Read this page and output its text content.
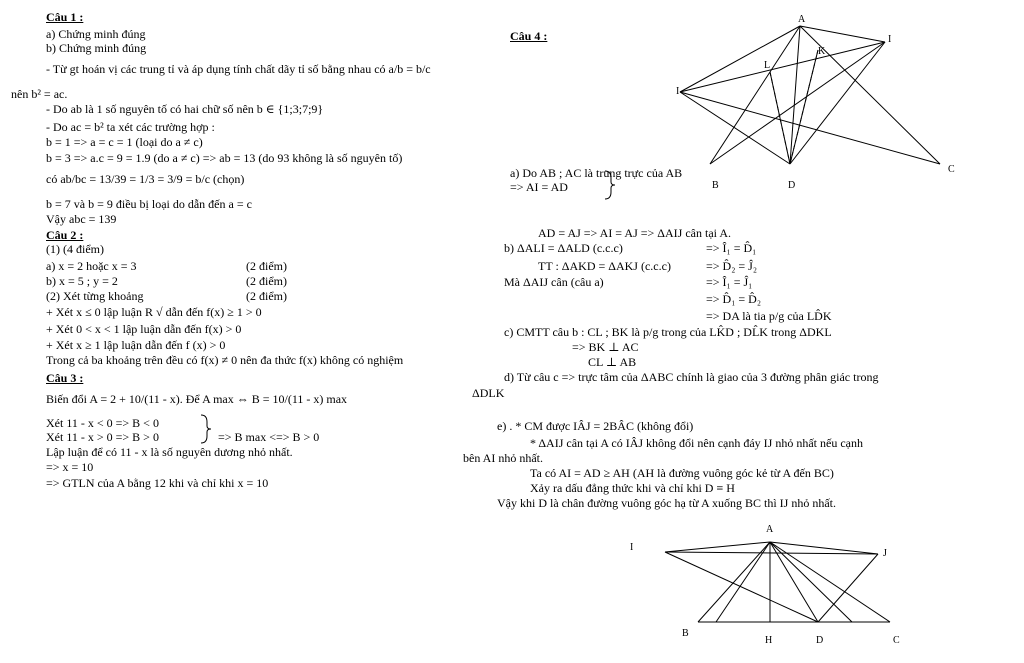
Câu 1 :
a) Chứng minh đúng
b) Chứng minh đúng
- Từ gt hoán vị các trung tỉ và áp dụng tính chất dãy tỉ số bằng nhau có a/b = b/c
nên b² = ac.
- Do ab là 1 số nguyên tố có hai chữ số nên b ∈ {1;3;7;9}
- Do ac = b² ta xét các trường hợp :
b = 1 => a = c = 1 (loại do a ≠ c)
b = 3 => a.c = 9 = 1.9 (do a ≠ c) => ab = 13 (do 93 không là số nguyên tố)
có ab/bc = 13/39 = 1/3 = 3/9 = b/c (chọn)
b = 7 và b = 9 điều bị loại do dẫn đến a = c
Vậy abc = 139
Câu 2 :
(1) (4 điểm)
a) x = 2 hoặc x = 3	(2 điểm)
b) x = 5 ; y = 2	(2 điểm)
(2) Xét từng khoảng	(2 điểm)
+ Xét x ≤ 0 lập luận R √ dẫn đến f(x) ≥ 1 > 0
+ Xét 0 < x < 1 lập luận dẫn đến f(x) > 0
+ Xét x ≥ 1 lập luận dẫn đến f (x) > 0
Trong cả ba khoảng trên đều có f(x) ≠ 0 nên đa thức f(x) không có nghiệm
Câu 3 :
Biến đổi A = 2 + 10/(11 - x). Để A max ⇔ B = 10/(11 - x) max
Xét 11 - x < 0 => B < 0
Xét 11 - x > 0 => B > 0	=> B max <=> B > 0
Lập luận để có 11 - x là số nguyên dương nhỏ nhất.
=> x = 10
=> GTLN của A bằng 12 khi và chỉ khi x = 10
Câu 4 :
A
I
K
L
I
C
B	D
a) Do AB ; AC là trung trực của AB
=> AI = AD
AD = AJ => AI = AJ => ΔAIJ cân tại A.
b) ΔALI = ΔALD (c.c.c)	=> Î₁ = D̂₁
TT : ΔAKD = ΔAKJ (c.c.c)	=> D̂₂ = Ĵ₂
Mà ΔAIJ cân (câu a)	=> Î₁ = Ĵ₁
=> D̂₁ = D̂₂
=> DA là tia p/g của LD̂K
c) CMTT câu b : CL ; BK là p/g trong của LK̂D ; DL̂K trong ΔDKL
=> BK ⊥ AC
CL ⊥ AB
d) Từ câu c => trực tâm của ΔABC chính là giao của 3 đường phân giác trong
ΔDLK
e) . * CM được IÂJ = 2BÂC (không đổi)
* ΔAIJ cân tại A có IÂJ không đổi nên cạnh đáy IJ nhỏ nhất nếu cạnh
bên AI nhỏ nhất.
Ta có AI = AD ≥ AH (AH là đường vuông góc kẻ từ A đến BC)
Xảy ra dấu đẳng thức khi và chỉ khi D ≡ H
Vậy khi D là chân đường vuông góc hạ từ A xuống BC thì IJ nhỏ nhất.
A
I
J
B
H	D	C
